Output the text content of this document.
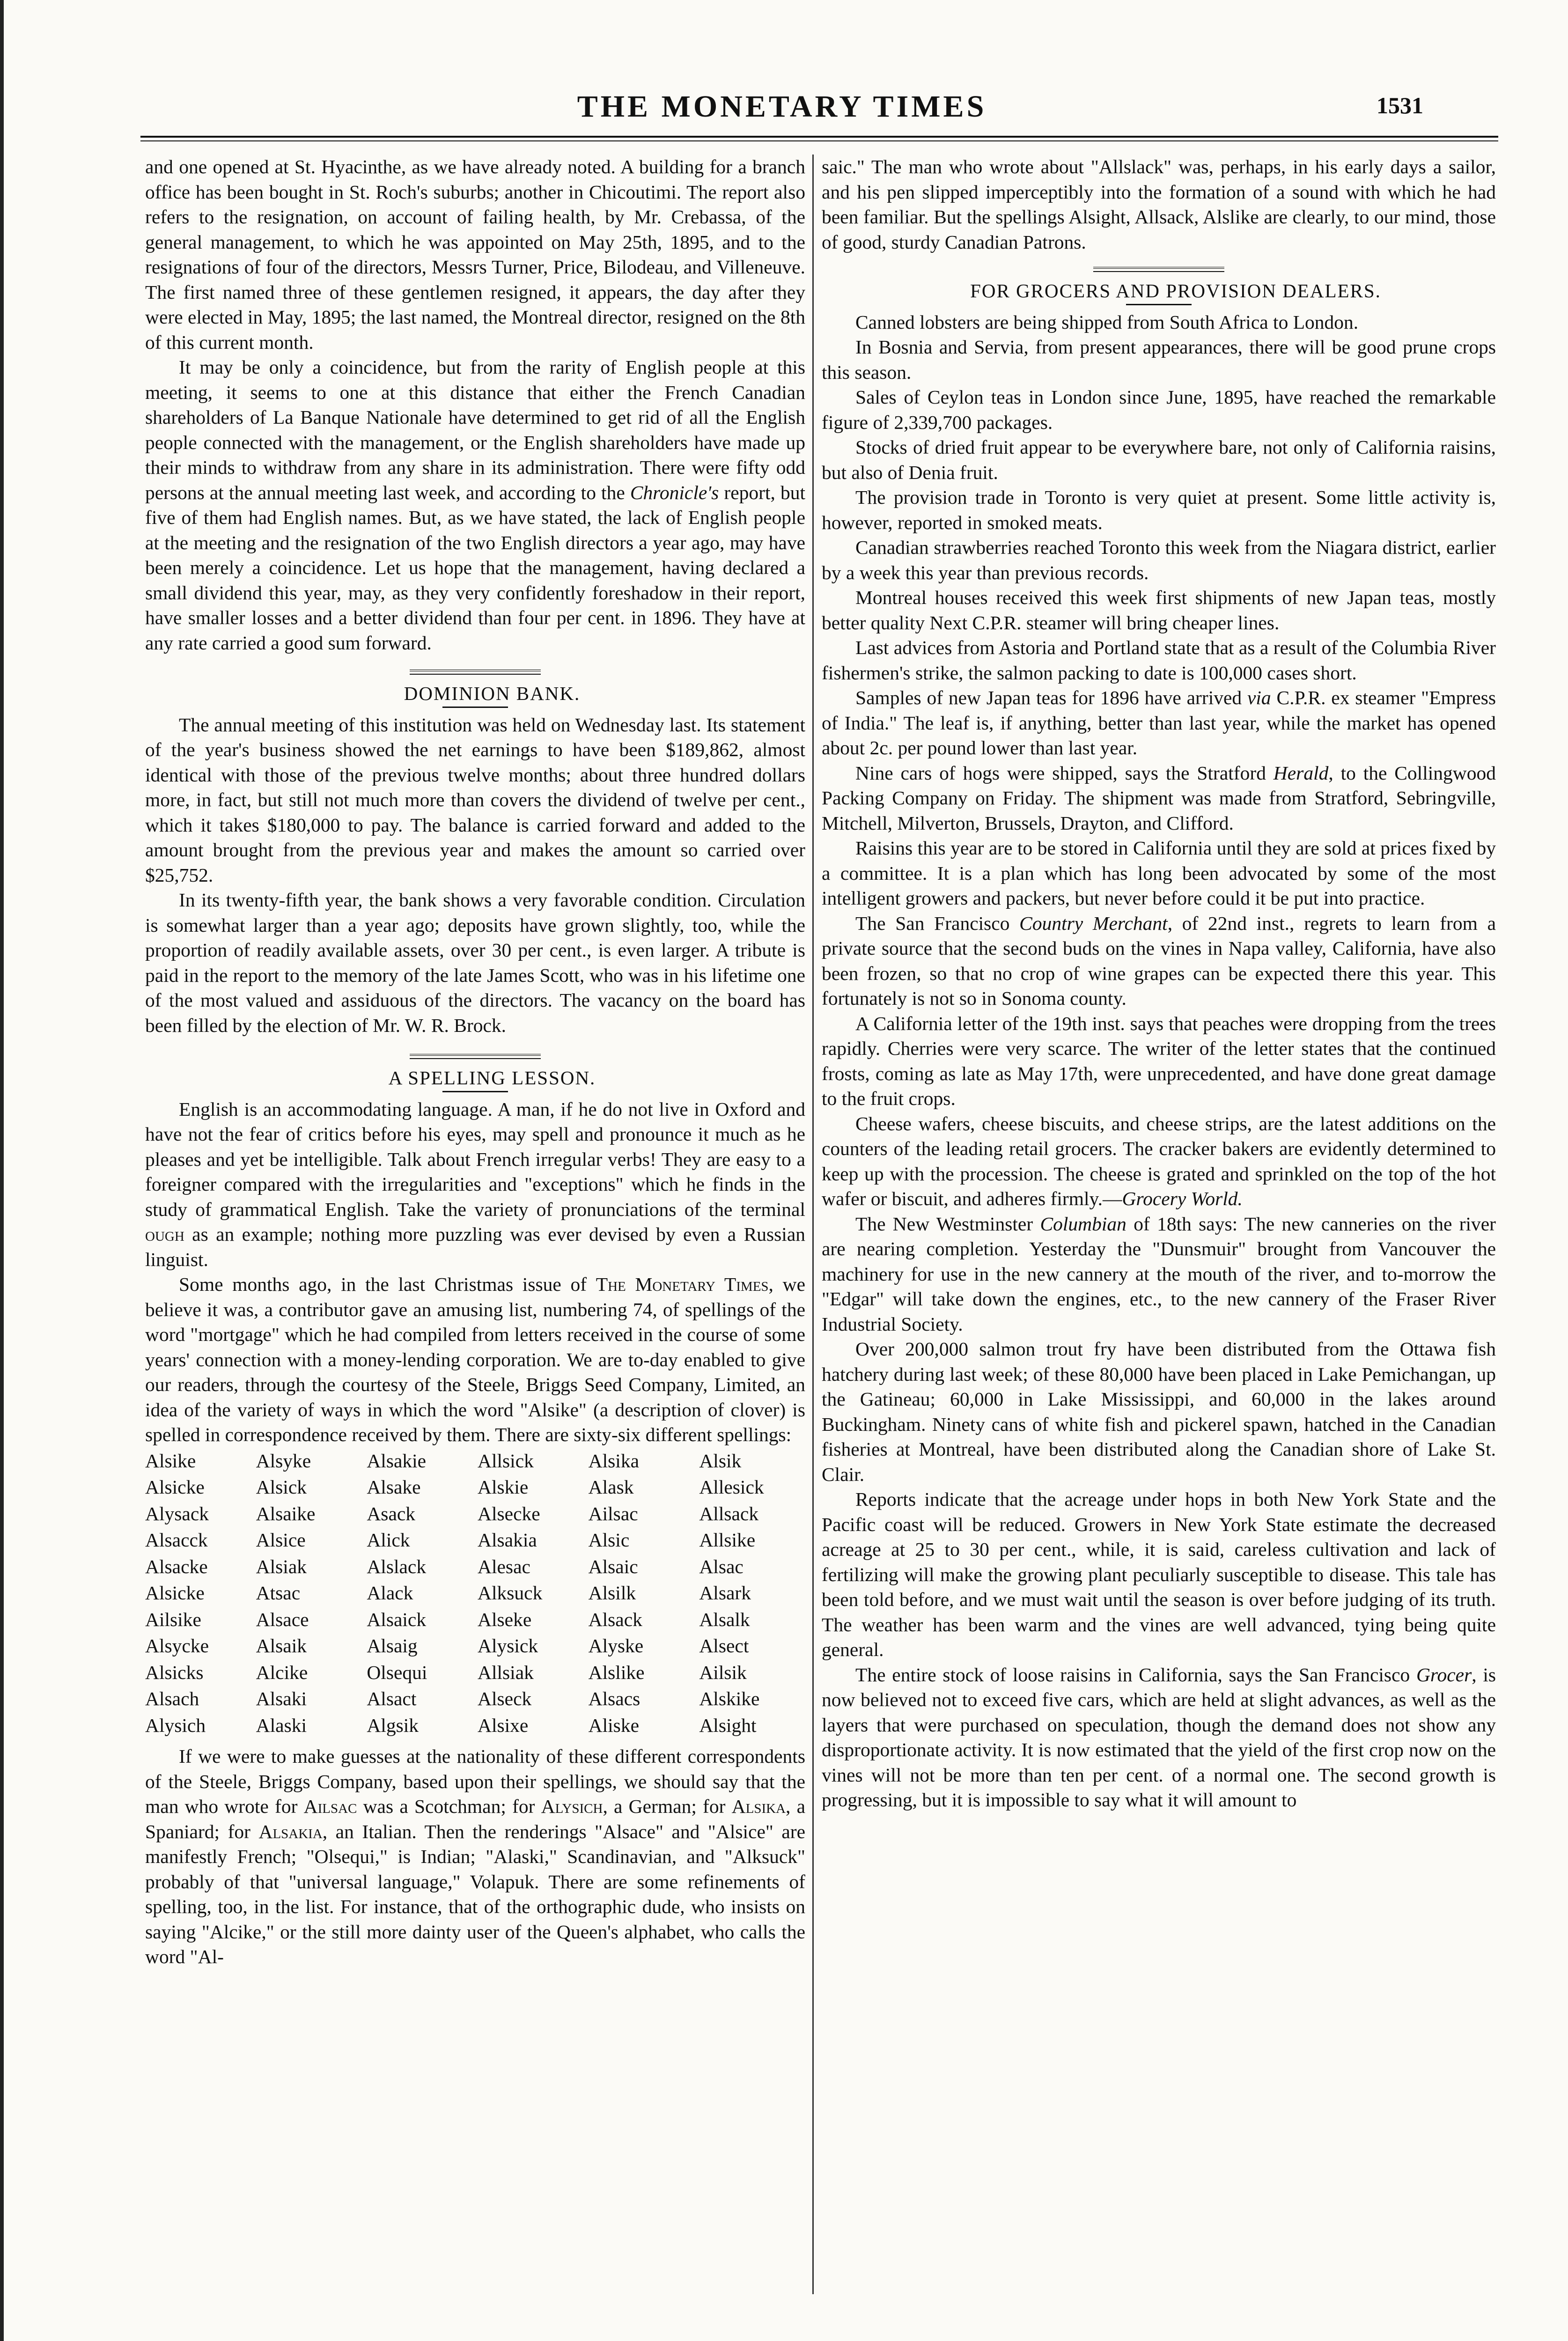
THE MONETARY TIMES	1531

and one opened at St. Hyacinthe, as we have already noted. A building for a branch office has been bought in St. Roch's suburbs; another in Chicoutimi. The report also refers to the resignation, on account of failing health, by Mr. Crebassa, of the general management, to which he was appointed on May 25th, 1895, and to the resignations of four of the directors, Messrs Turner, Price, Bilodeau, and Villeneuve. The first named three of these gentlemen resigned, it appears, the day after they were elected in May, 1895; the last named, the Montreal director, resigned on the 8th of this current month.

It may be only a coincidence, but from the rarity of English people at this meeting, it seems to one at this distance that either the French Canadian shareholders of La Banque Nationale have determined to get rid of all the English people connected with the management, or the English shareholders have made up their minds to withdraw from any share in its administration. There were fifty odd persons at the annual meeting last week, and according to the Chronicle's report, but five of them had English names. But, as we have stated, the lack of English people at the meeting and the resignation of the two English directors a year ago, may have been merely a coincidence. Let us hope that the management, having declared a small dividend this year, may, as they very confidently foreshadow in their report, have smaller losses and a better dividend than four per cent. in 1896. They have at any rate carried a good sum forward.

DOMINION BANK.

The annual meeting of this institution was held on Wednesday last. Its statement of the year's business showed the net earnings to have been $189,862, almost identical with those of the previous twelve months; about three hundred dollars more, in fact, but still not much more than covers the dividend of twelve per cent., which it takes $180,000 to pay. The balance is carried forward and added to the amount brought from the previous year and makes the amount so carried over $25,752.

In its twenty-fifth year, the bank shows a very favorable condition. Circulation is somewhat larger than a year ago; deposits have grown slightly, too, while the proportion of readily available assets, over 30 per cent., is even larger. A tribute is paid in the report to the memory of the late James Scott, who was in his lifetime one of the most valued and assiduous of the directors. The vacancy on the board has been filled by the election of Mr. W. R. Brock.

A SPELLING LESSON.

English is an accommodating language. A man, if he do not live in Oxford and have not the fear of critics before his eyes, may spell and pronounce it much as he pleases and yet be intelligible. Talk about French irregular verbs! They are easy to a foreigner compared with the irregularities and "exceptions" which he finds in the study of grammatical English. Take the variety of pronunciations of the terminal ough as an example; nothing more puzzling was ever devised by even a Russian linguist.

Some months ago, in the last Christmas issue of The Monetary Times, we believe it was, a contributor gave an amusing list, numbering 74, of spellings of the word "mortgage" which he had compiled from letters received in the course of some years' connection with a money-lending corporation. We are to-day enabled to give our readers, through the courtesy of the Steele, Briggs Seed Company, Limited, an idea of the variety of ways in which the word "Alsike" (a description of clover) is spelled in correspondence received by them. There are sixty-six different spellings:

Alsike	Alsyke	Alsakie	Allsick	Alsika	Alsik
Alsicke	Alsick	Alsake	Alskie	Alask	Allesick
Alysack	Alsaike	Asack	Alsecke	Ailsac	Allsack
Alsacck	Alsice	Alick	Alsakia	Alsic	Allsike
Alsacke	Alsiak	Alslack	Alesac	Alsaic	Alsac
Alsicke	Atsac	Alack	Alksuck	Alsilk	Alsark
Ailsike	Alsace	Alsaick	Alseke	Alsack	Alsalk
Alsycke	Alsaik	Alsaig	Alysick	Alyske	Alsect
Alsicks	Alcike	Olsequi	Allsiak	Alslike	Ailsik
Alsach	Alsaki	Alsact	Alseck	Alsacs	Alskike
Alysich	Alaski	Algsik	Alsixe	Aliske	Alsight

If we were to make guesses at the nationality of these different correspondents of the Steele, Briggs Company, based upon their spellings, we should say that the man who wrote for Ailsac was a Scotchman; for Alysich, a German; for Alsika, a Spaniard; for Alsakia, an Italian. Then the renderings "Alsace" and "Alsice" are manifestly French; "Olsequi," is Indian; "Alaski," Scandinavian, and "Alksuck" probably of that "universal language," Volapuk. There are some refinements of spelling, too, in the list. For instance, that of the orthographic dude, who insists on saying "Alcike," or the still more dainty user of the Queen's alphabet, who calls the word "Al-

saic." The man who wrote about "Allslack" was, perhaps, in his early days a sailor, and his pen slipped imperceptibly into the formation of a sound with which he had been familiar. But the spellings Alsight, Allsack, Alslike are clearly, to our mind, those of good, sturdy Canadian Patrons.

FOR GROCERS AND PROVISION DEALERS.

Canned lobsters are being shipped from South Africa to London.

In Bosnia and Servia, from present appearances, there will be good prune crops this season.

Sales of Ceylon teas in London since June, 1895, have reached the remarkable figure of 2,339,700 packages.

Stocks of dried fruit appear to be everywhere bare, not only of California raisins, but also of Denia fruit.

The provision trade in Toronto is very quiet at present. Some little activity is, however, reported in smoked meats.

Canadian strawberries reached Toronto this week from the Niagara district, earlier by a week this year than previous records.

Montreal houses received this week first shipments of new Japan teas, mostly better quality Next C.P.R. steamer will bring cheaper lines.

Last advices from Astoria and Portland state that as a result of the Columbia River fishermen's strike, the salmon packing to date is 100,000 cases short.

Samples of new Japan teas for 1896 have arrived via C.P.R. ex steamer "Empress of India." The leaf is, if anything, better than last year, while the market has opened about 2c. per pound lower than last year.

Nine cars of hogs were shipped, says the Stratford Herald, to the Collingwood Packing Company on Friday. The shipment was made from Stratford, Sebringville, Mitchell, Milverton, Brussels, Drayton, and Clifford.

Raisins this year are to be stored in California until they are sold at prices fixed by a committee. It is a plan which has long been advocated by some of the most intelligent growers and packers, but never before could it be put into practice.

The San Francisco Country Merchant, of 22nd inst., regrets to learn from a private source that the second buds on the vines in Napa valley, California, have also been frozen, so that no crop of wine grapes can be expected there this year. This fortunately is not so in Sonoma county.

A California letter of the 19th inst. says that peaches were dropping from the trees rapidly. Cherries were very scarce. The writer of the letter states that the continued frosts, coming as late as May 17th, were unprecedented, and have done great damage to the fruit crops.

Cheese wafers, cheese biscuits, and cheese strips, are the latest additions on the counters of the leading retail grocers. The cracker bakers are evidently determined to keep up with the procession. The cheese is grated and sprinkled on the top of the hot wafer or biscuit, and adheres firmly.—Grocery World.

The New Westminster Columbian of 18th says: The new canneries on the river are nearing completion. Yesterday the "Dunsmuir" brought from Vancouver the machinery for use in the new cannery at the mouth of the river, and to-morrow the "Edgar" will take down the engines, etc., to the new cannery of the Fraser River Industrial Society.

Over 200,000 salmon trout fry have been distributed from the Ottawa fish hatchery during last week; of these 80,000 have been placed in Lake Pemichangan, up the Gatineau; 60,000 in Lake Mississippi, and 60,000 in the lakes around Buckingham. Ninety cans of white fish and pickerel spawn, hatched in the Canadian fisheries at Montreal, have been distributed along the Canadian shore of Lake St. Clair.

Reports indicate that the acreage under hops in both New York State and the Pacific coast will be reduced. Growers in New York State estimate the decreased acreage at 25 to 30 per cent., while, it is said, careless cultivation and lack of fertilizing will make the growing plant peculiarly susceptible to disease. This tale has been told before, and we must wait until the season is over before judging of its truth. The weather has been warm and the vines are well advanced, tying being quite general.

The entire stock of loose raisins in California, says the San Francisco Grocer, is now believed not to exceed five cars, which are held at slight advances, as well as the layers that were purchased on speculation, though the demand does not show any disproportionate activity. It is now estimated that the yield of the first crop now on the vines will not be more than ten per cent. of a normal one. The second growth is progressing, but it is impossible to say what it will amount to
